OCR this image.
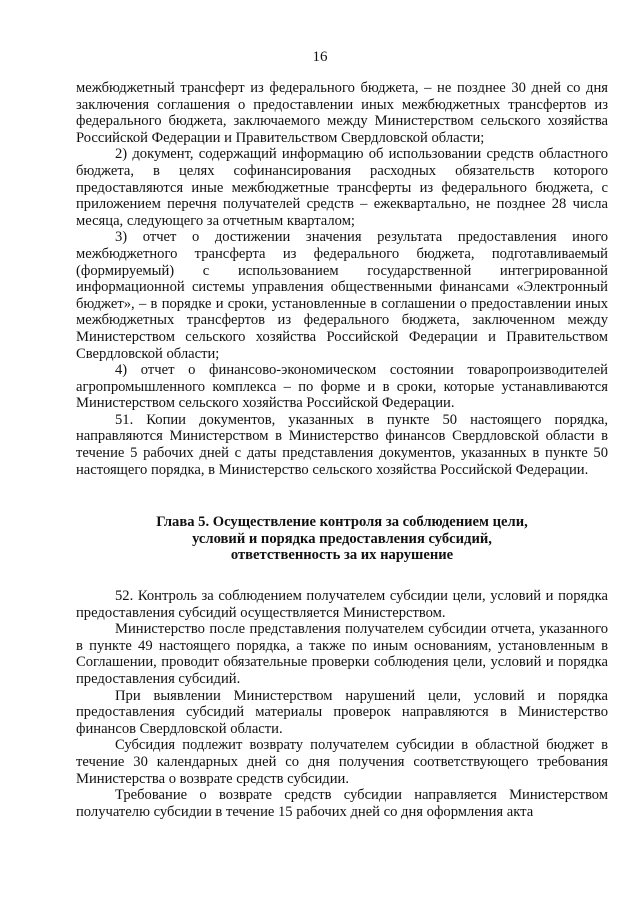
16

межбюджетный трансферт из федерального бюджета, – не позднее 30 дней со дня заключения соглашения о предоставлении иных межбюджетных трансфертов из федерального бюджета, заключаемого между Министерством сельского хозяйства Российской Федерации и Правительством Свердловской области;

2) документ, содержащий информацию об использовании средств областного бюджета, в целях софинансирования расходных обязательств которого предоставляются иные межбюджетные трансферты из федерального бюджета, с приложением перечня получателей средств – ежеквартально, не позднее 28 числа месяца, следующего за отчетным кварталом;

3) отчет о достижении значения результата предоставления иного межбюджетного трансферта из федерального бюджета, подготавливаемый (формируемый) с использованием государственной интегрированной информационной системы управления общественными финансами «Электронный бюджет», – в порядке и сроки, установленные в соглашении о предоставлении иных межбюджетных трансфертов из федерального бюджета, заключенном между Министерством сельского хозяйства Российской Федерации и Правительством Свердловской области;

4) отчет о финансово-экономическом состоянии товаропроизводителей агропромышленного комплекса – по форме и в сроки, которые устанавливаются Министерством сельского хозяйства Российской Федерации.

51. Копии документов, указанных в пункте 50 настоящего порядка, направляются Министерством в Министерство финансов Свердловской области в течение 5 рабочих дней с даты представления документов, указанных в пункте 50 настоящего порядка, в Министерство сельского хозяйства Российской Федерации.

Глава 5. Осуществление контроля за соблюдением цели,
условий и порядка предоставления субсидий,
ответственность за их нарушение

52. Контроль за соблюдением получателем субсидии цели, условий и порядка предоставления субсидий осуществляется Министерством.

Министерство после представления получателем субсидии отчета, указанного в пункте 49 настоящего порядка, а также по иным основаниям, установленным в Соглашении, проводит обязательные проверки соблюдения цели, условий и порядка предоставления субсидий.

При выявлении Министерством нарушений цели, условий и порядка предоставления субсидий материалы проверок направляются в Министерство финансов Свердловской области.

Субсидия подлежит возврату получателем субсидии в областной бюджет в течение 30 календарных дней со дня получения соответствующего требования Министерства о возврате средств субсидии.

Требование о возврате средств субсидии направляется Министерством получателю субсидии в течение 15 рабочих дней со дня оформления акта
